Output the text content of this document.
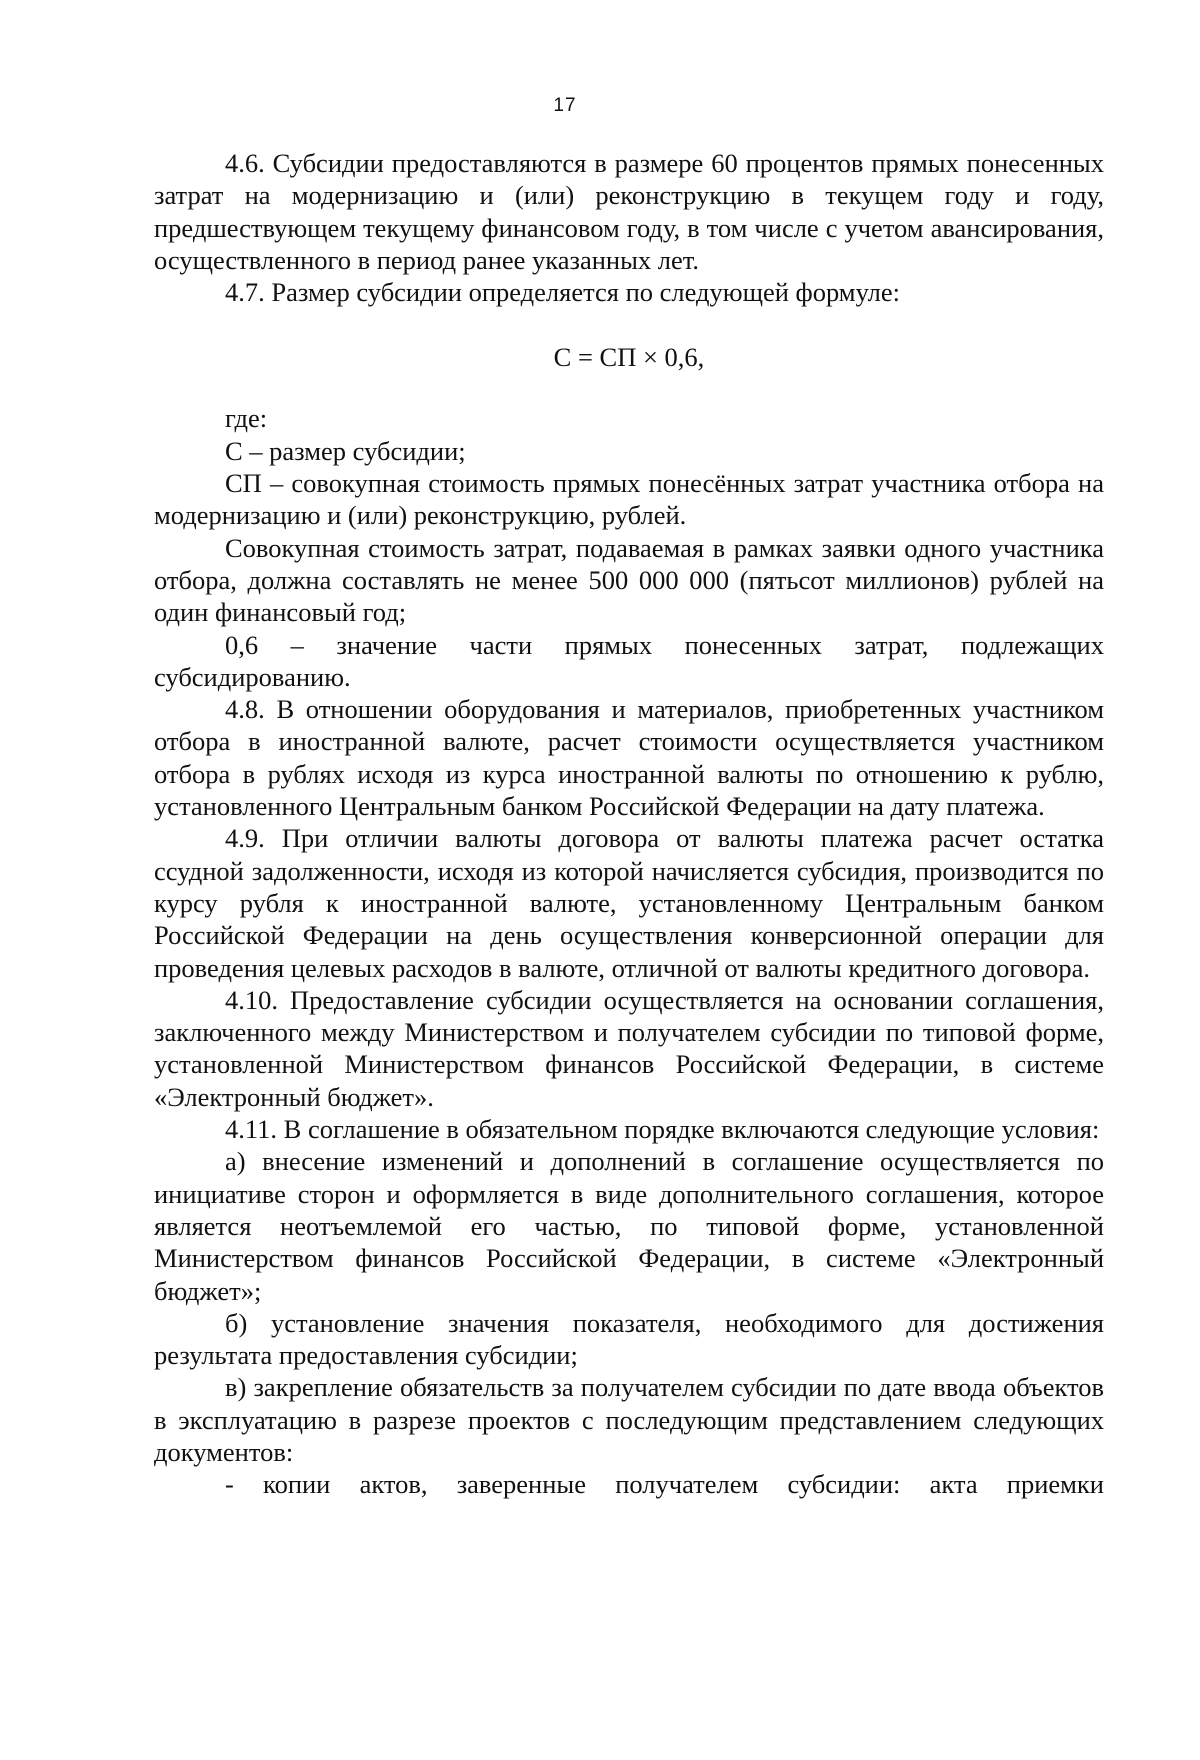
17

4.6. Субсидии предоставляются в размере 60 процентов прямых понесенных затрат на модернизацию и (или) реконструкцию в текущем году и году, предшествующем текущему финансовом году, в том числе с учетом авансирования, осуществленного в период ранее указанных лет.

4.7. Размер субсидии определяется по следующей формуле:

С = СП × 0,6,

где:

С – размер субсидии;

СП – совокупная стоимость прямых понесённых затрат участника отбора на модернизацию и (или) реконструкцию, рублей.

Совокупная стоимость затрат, подаваемая в рамках заявки одного участника отбора, должна составлять не менее 500 000 000 (пятьсот миллионов) рублей на один финансовый год;

0,6 – значение части прямых понесенных затрат, подлежащих субсидированию.

4.8. В отношении оборудования и материалов, приобретенных участником отбора в иностранной валюте, расчет стоимости осуществляется участником отбора в рублях исходя из курса иностранной валюты по отношению к рублю, установленного Центральным банком Российской Федерации на дату платежа.

4.9. При отличии валюты договора от валюты платежа расчет остатка ссудной задолженности, исходя из которой начисляется субсидия, производится по курсу рубля к иностранной валюте, установленному Центральным банком Российской Федерации на день осуществления конверсионной операции для проведения целевых расходов в валюте, отличной от валюты кредитного договора.

4.10. Предоставление субсидии осуществляется на основании соглашения, заключенного между Министерством и получателем субсидии по типовой форме, установленной Министерством финансов Российской Федерации, в системе «Электронный бюджет».

4.11. В соглашение в обязательном порядке включаются следующие условия:

а) внесение изменений и дополнений в соглашение осуществляется по инициативе сторон и оформляется в виде дополнительного соглашения, которое является неотъемлемой его частью, по типовой форме, установленной Министерством финансов Российской Федерации, в системе «Электронный бюджет»;

б) установление значения показателя, необходимого для достижения результата предоставления субсидии;

в) закрепление обязательств за получателем субсидии по дате ввода объектов в эксплуатацию в разрезе проектов с последующим представлением следующих документов:

- копии актов, заверенные получателем субсидии: акта приемки
